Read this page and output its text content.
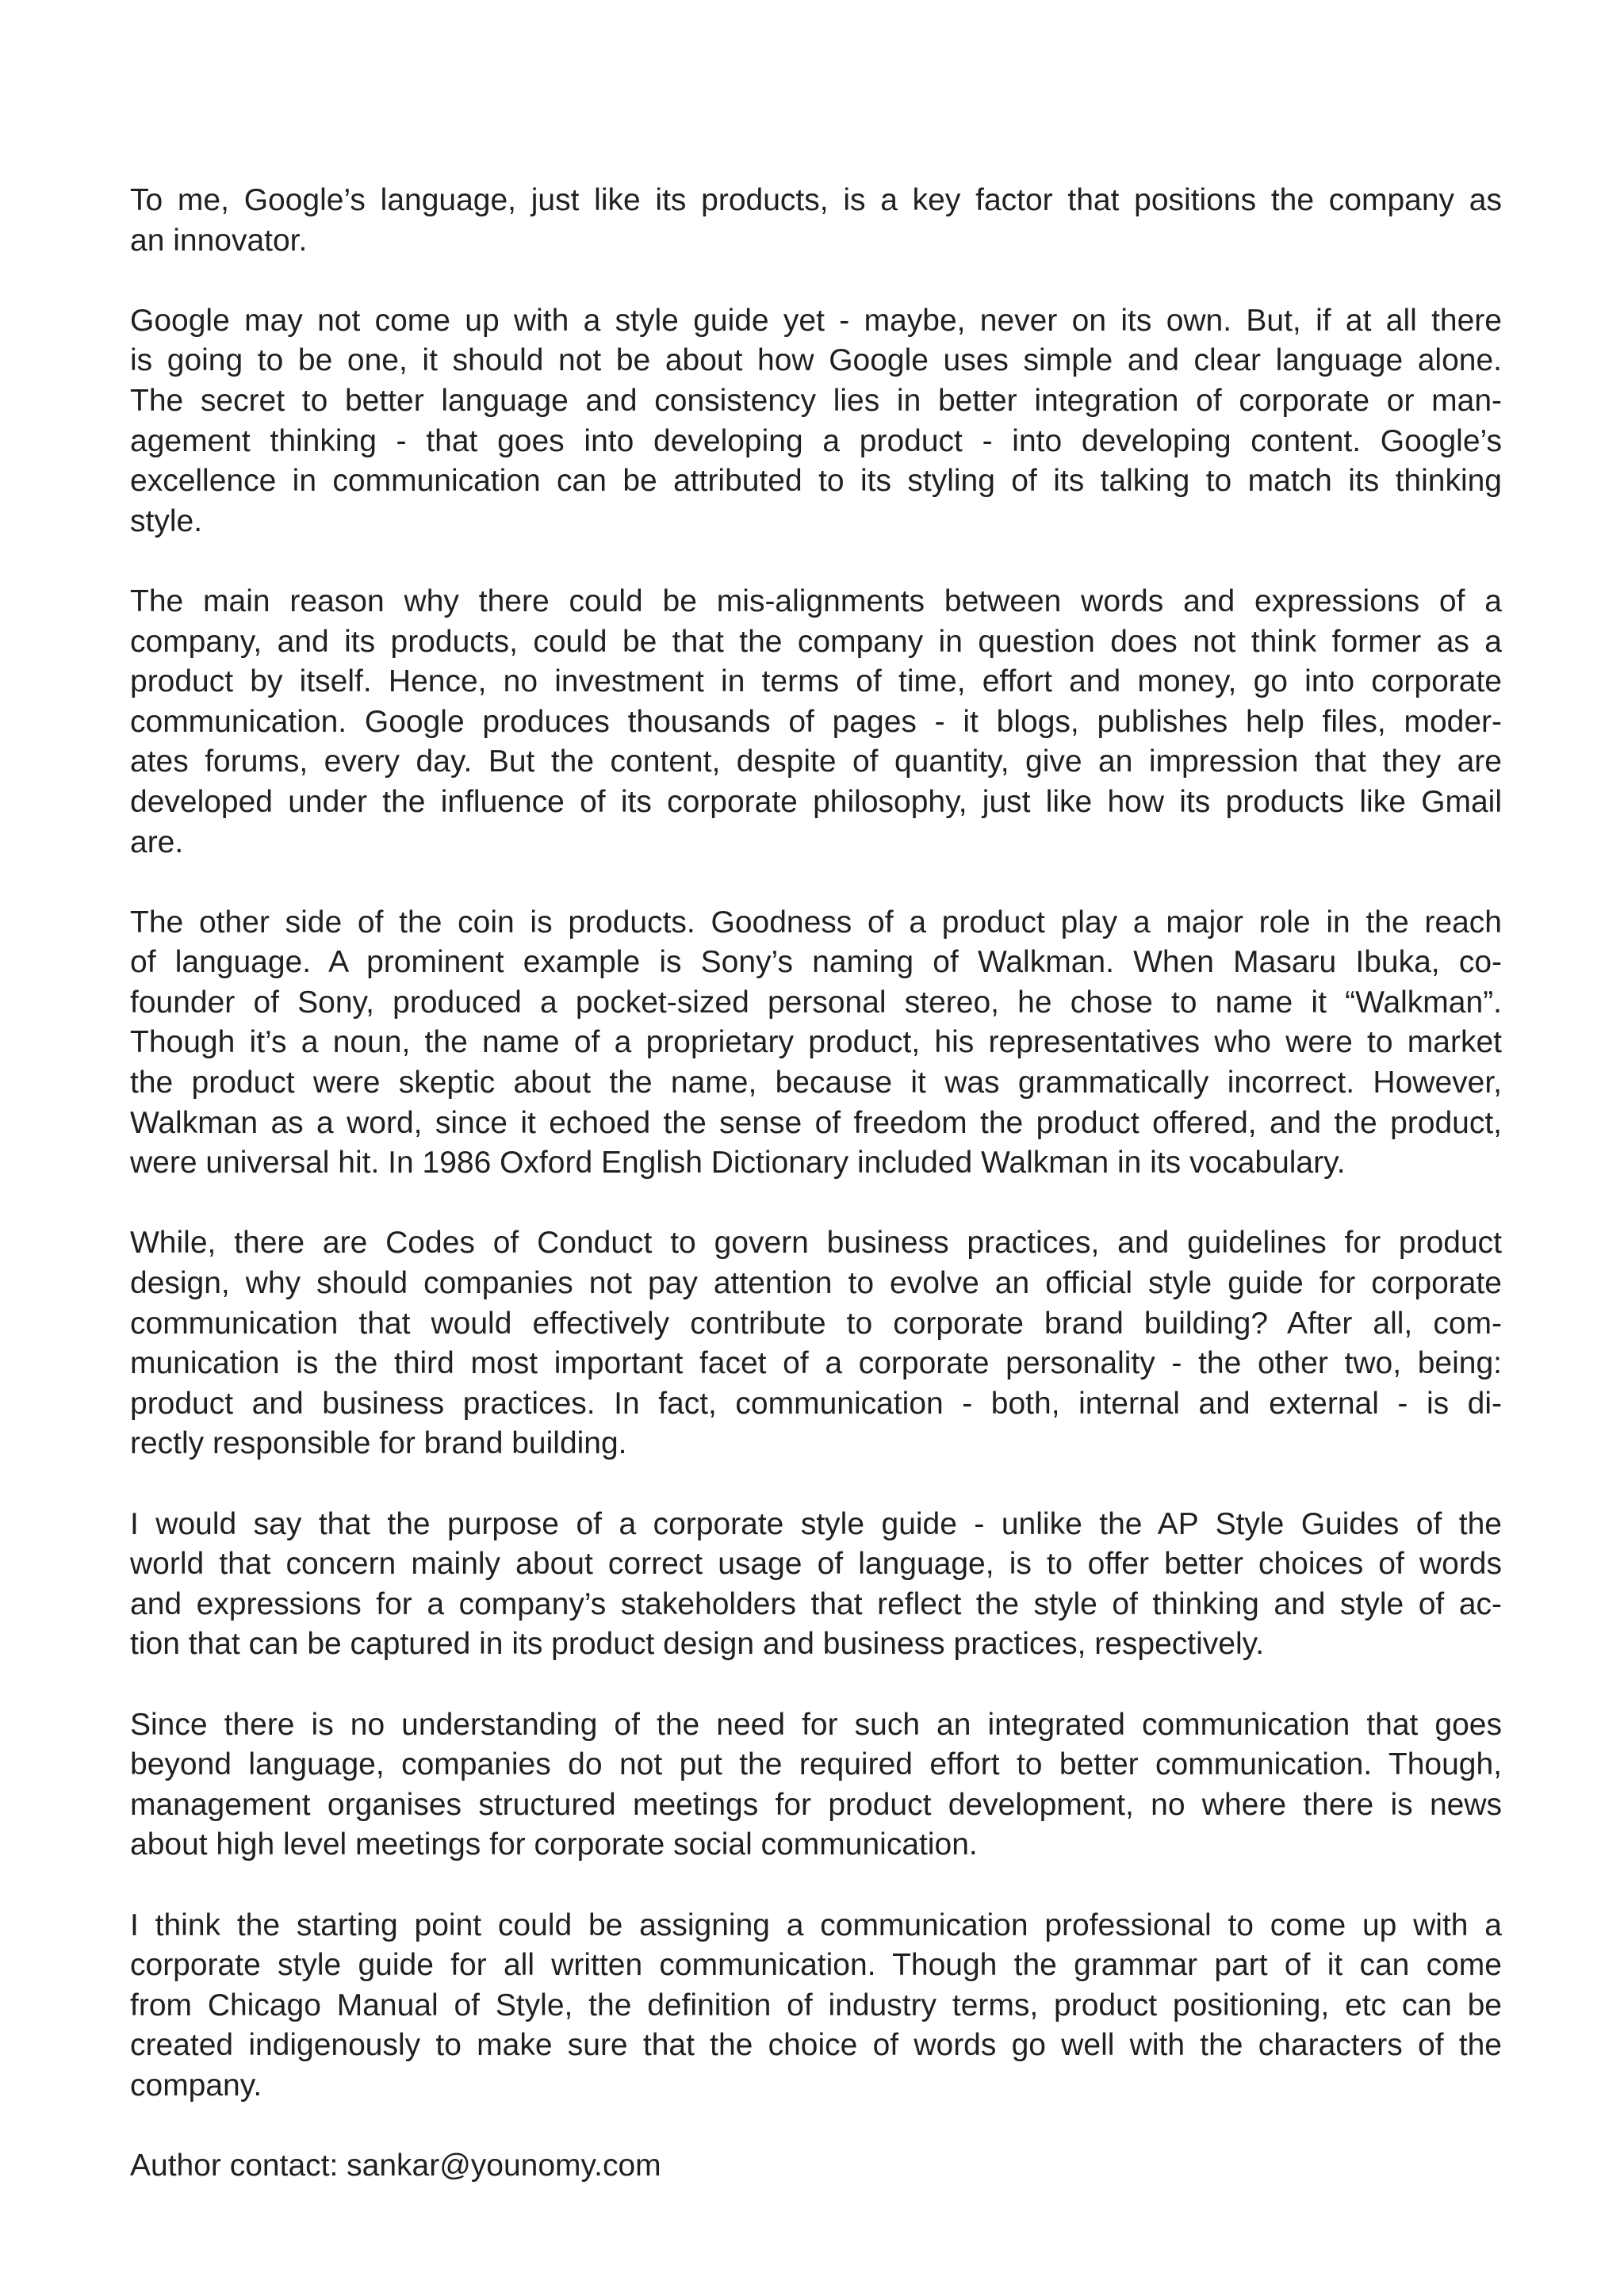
To me, Google’s language, just like its products, is a key factor that positions the company as
an innovator.

Google may not come up with a style guide yet - maybe, never on its own. But, if at all there
is going to be one, it should not be about how Google uses simple and clear language alone.
The secret to better language and consistency lies in better integration of corporate or man-
agement thinking - that goes into developing a product - into developing content. Google’s
excellence in communication can be attributed to its styling of its talking to match its thinking
style.

The main reason why there could be mis-alignments between words and expressions of a
company, and its products, could be that the company in question does not think former as a
product by itself. Hence, no investment in terms of time, effort and money, go into corporate
communication. Google produces thousands of pages - it blogs, publishes help files, moder-
ates forums, every day. But the content, despite of quantity, give an impression that they are
developed under the influence of its corporate philosophy, just like how its products like Gmail
are.

The other side of the coin is products. Goodness of a product play a major role in the reach
of language. A prominent example is Sony’s naming of Walkman. When Masaru Ibuka, co-
founder of Sony, produced a pocket-sized personal stereo, he chose to name it “Walkman”.
Though it’s a noun, the name of a proprietary product, his representatives who were to market
the product were skeptic about the name, because it was grammatically incorrect. However,
Walkman as a word, since it echoed the sense of freedom the product offered, and the product,
were universal hit. In 1986 Oxford English Dictionary included Walkman in its vocabulary.

While, there are Codes of Conduct to govern business practices, and guidelines for product
design, why should companies not pay attention to evolve an official style guide for corporate
communication that would effectively contribute to corporate brand building? After all, com-
munication is the third most important facet of a corporate personality - the other two, being:
product and business practices. In fact, communication - both, internal and external - is di-
rectly responsible for brand building.

I would say that the purpose of a corporate style guide - unlike the AP Style Guides of the
world that concern mainly about correct usage of language, is to offer better choices of words
and expressions for a company’s stakeholders that reflect the style of thinking and style of ac-
tion that can be captured in its product design and business practices, respectively.

Since there is no understanding of the need for such an integrated communication that goes
beyond language, companies do not put the required effort to better communication. Though,
management organises structured meetings for product development, no where there is news
about high level meetings for corporate social communication.

I think the starting point could be assigning a communication professional to come up with a
corporate style guide for all written communication. Though the grammar part of it can come
from Chicago Manual of Style, the definition of industry terms, product positioning, etc can be
created indigenously to make sure that the choice of words go well with the characters of the
company.

Author contact: sankar@younomy.com
